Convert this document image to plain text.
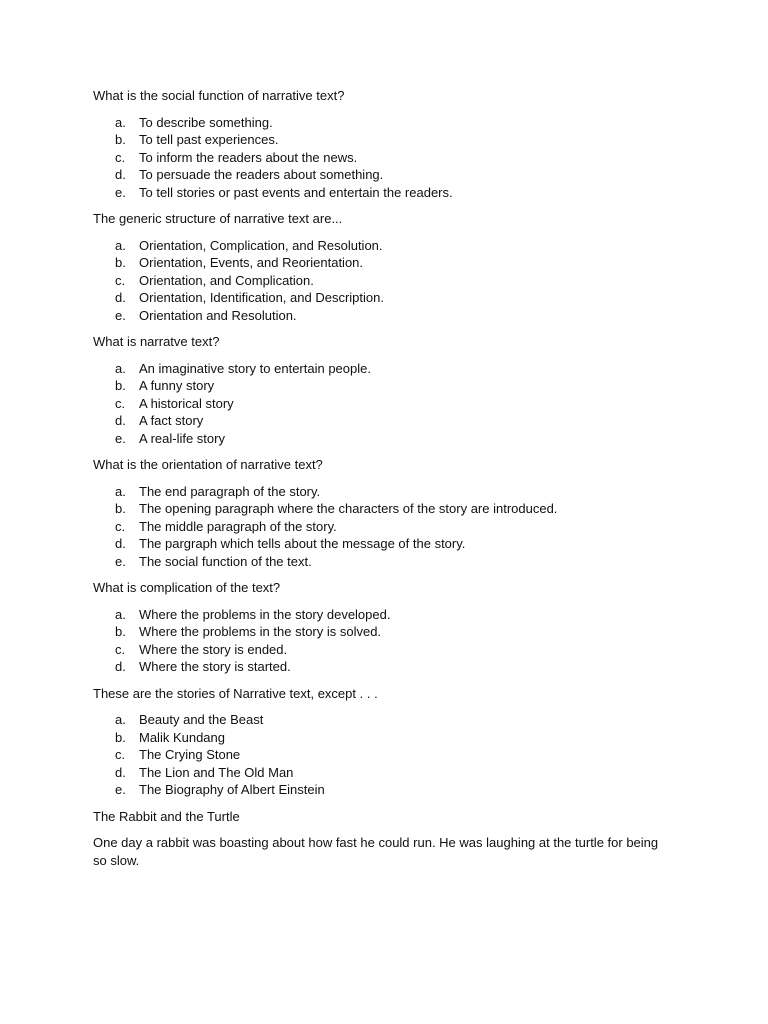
What is the social function of narrative text?
a.	To describe something.
b.	To tell past experiences.
c.	To inform the readers about the news.
d.	To persuade the readers about something.
e.	To tell stories or past events and entertain the readers.
The generic structure of narrative text are...
a.	Orientation, Complication, and Resolution.
b.	Orientation, Events, and Reorientation.
c.	Orientation, and Complication.
d.	Orientation, Identification, and Description.
e.	Orientation and Resolution.
What is narratve text?
a.	An imaginative story to entertain people.
b.	A funny story
c.	A historical story
d.	A fact story
e.	A real-life story
What is the orientation of narrative text?
a.	The end paragraph of the story.
b.	The opening paragraph where the characters of the story are introduced.
c.	The middle paragraph of the story.
d.	The pargraph which tells about the message of the story.
e.	The social function of the text.
What is complication of the text?
a.	Where the problems in the story developed.
b.	Where the problems in the story is solved.
c.	Where the story is ended.
d.	Where the story is started.
These are the stories of Narrative text, except . . .
a.	Beauty and the Beast
b.	Malik Kundang
c.	The Crying Stone
d.	The Lion and The Old Man
e.	The Biography of Albert Einstein
The Rabbit and the Turtle

One day a rabbit was boasting about how fast he could run. He was laughing at the turtle for being so slow.
